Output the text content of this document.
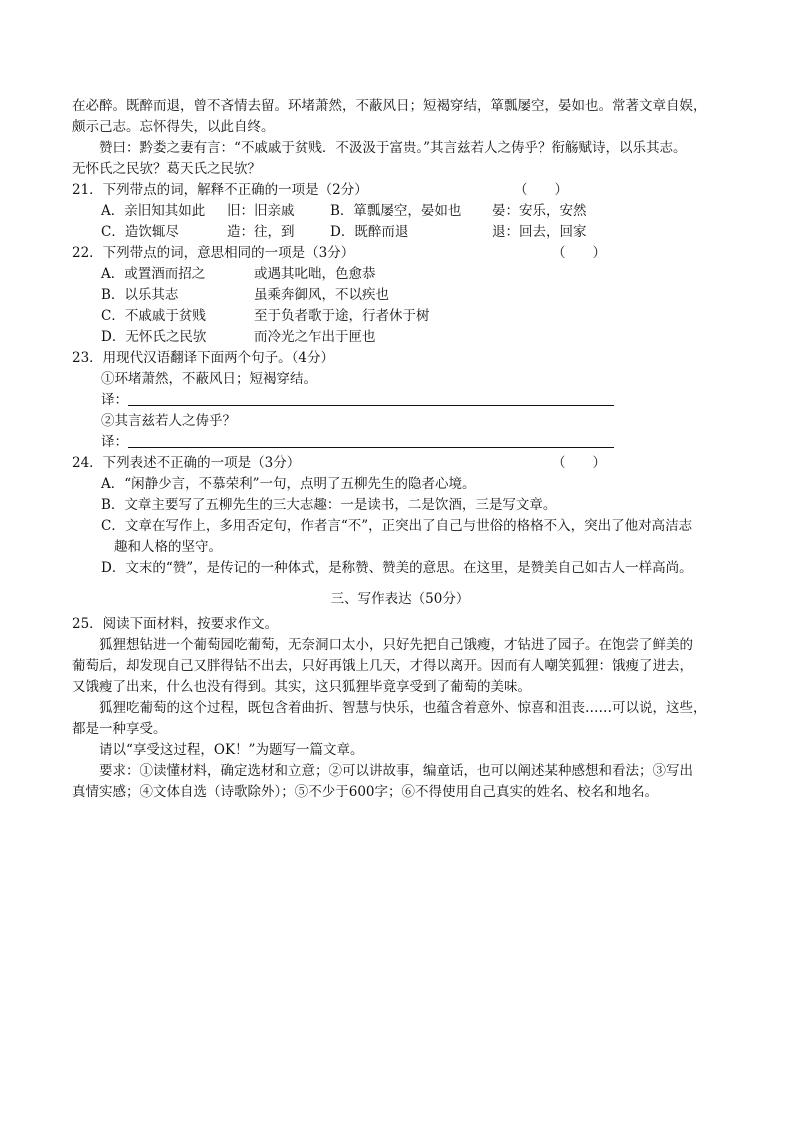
在必醉。既醉而退，曾不吝情去留。环堵萧然，不蔽风日；短褐穿结，箪瓢屡空，晏如也。常著文章自娱，

颇示己志。忘怀得失，以此自终。

赞曰：黔娄之妻有言：“不戚戚于贫贱．不汲汲于富贵。”其言兹若人之俦乎？衔觞赋诗，以乐其志。

无怀氏之民欤？葛天氏之民欤？

21．下列带点的词，解释不正确的一项是（2分）	（　　）
A．亲旧知其如此 旧：旧亲戚	B．箪瓢屡空，晏如也 晏：安乐，安然
C．造饮辄尽	造：往，到	D．既醉而退	退：回去，回家
22．下列带点的词，意思相同的一项是（3分）	（　　）
A．或置酒而招之	或遇其叱咄，色愈恭
B．以乐其志	虽乘奔御风，不以疾也
C．不戚戚于贫贱	至于负者歌于途，行者休于树
D．无怀氏之民欤	而冷光之乍出于匣也

23．用现代汉语翻译下面两个句子。（4分）

①环堵萧然，不蔽风日；短褐穿结。

译：

②其言兹若人之俦乎？

译：

24．下列表述不正确的一项是（3分）	（　　）

A．“闲静少言，不慕荣利”一句，点明了五柳先生的隐者心境。

B．文章主要写了五柳先生的三大志趣：一是读书，二是饮酒，三是写文章。

C．文章在写作上，多用否定句，作者言“不”，正突出了自己与世俗的格格不入，突出了他对高洁志

趣和人格的坚守。

D．文末的“赞”，是传记的一种体式，是称赞、赞美的意思。在这里，是赞美自己如古人一样高尚。

三、写作表达（50分）

25．阅读下面材料，按要求作文。

狐狸想钻进一个葡萄园吃葡萄，无奈洞口太小，只好先把自己饿瘦，才钻进了园子。在饱尝了鲜美的

葡萄后，却发现自己又胖得钻不出去，只好再饿上几天，才得以离开。因而有人嘲笑狐狸：饿瘦了进去，

又饿瘦了出来，什么也没有得到。其实，这只狐狸毕竟享受到了葡萄的美味。

狐狸吃葡萄的这个过程，既包含着曲折、智慧与快乐，也蕴含着意外、惊喜和沮丧……可以说，这些，

都是一种享受。

请以“享受这过程，OK！”为题写一篇文章。

要求：①读懂材料，确定选材和立意；②可以讲故事，编童话，也可以阐述某种感想和看法；③写出

真情实感；④文体自选（诗歌除外）；⑤不少于600字；⑥不得使用自己真实的姓名、校名和地名。
